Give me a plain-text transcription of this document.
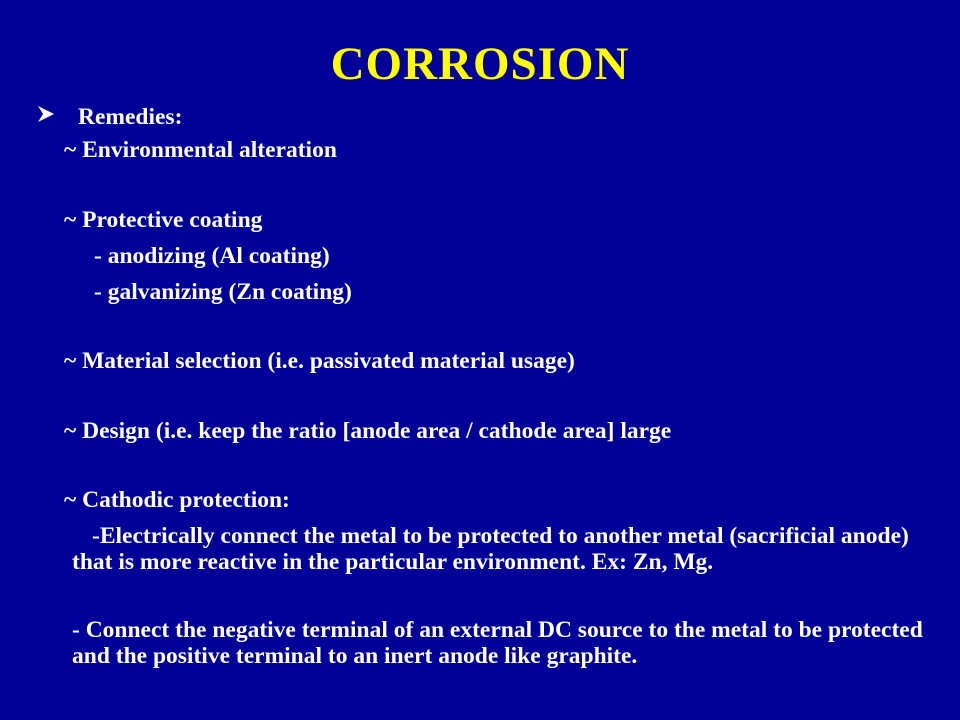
CORROSION
Remedies:
~ Environmental alteration
~ Protective coating
- anodizing (Al coating)
- galvanizing (Zn coating)
~ Material selection (i.e. passivated material usage)
~ Design (i.e. keep the ratio [anode area / cathode area] large
~ Cathodic protection:
-Electrically connect the metal to be protected to another metal (sacrificial anode) that is more reactive in the particular environment. Ex: Zn, Mg.
- Connect the negative terminal of an external DC source to the metal to be protected and the positive terminal to an inert anode like graphite.
